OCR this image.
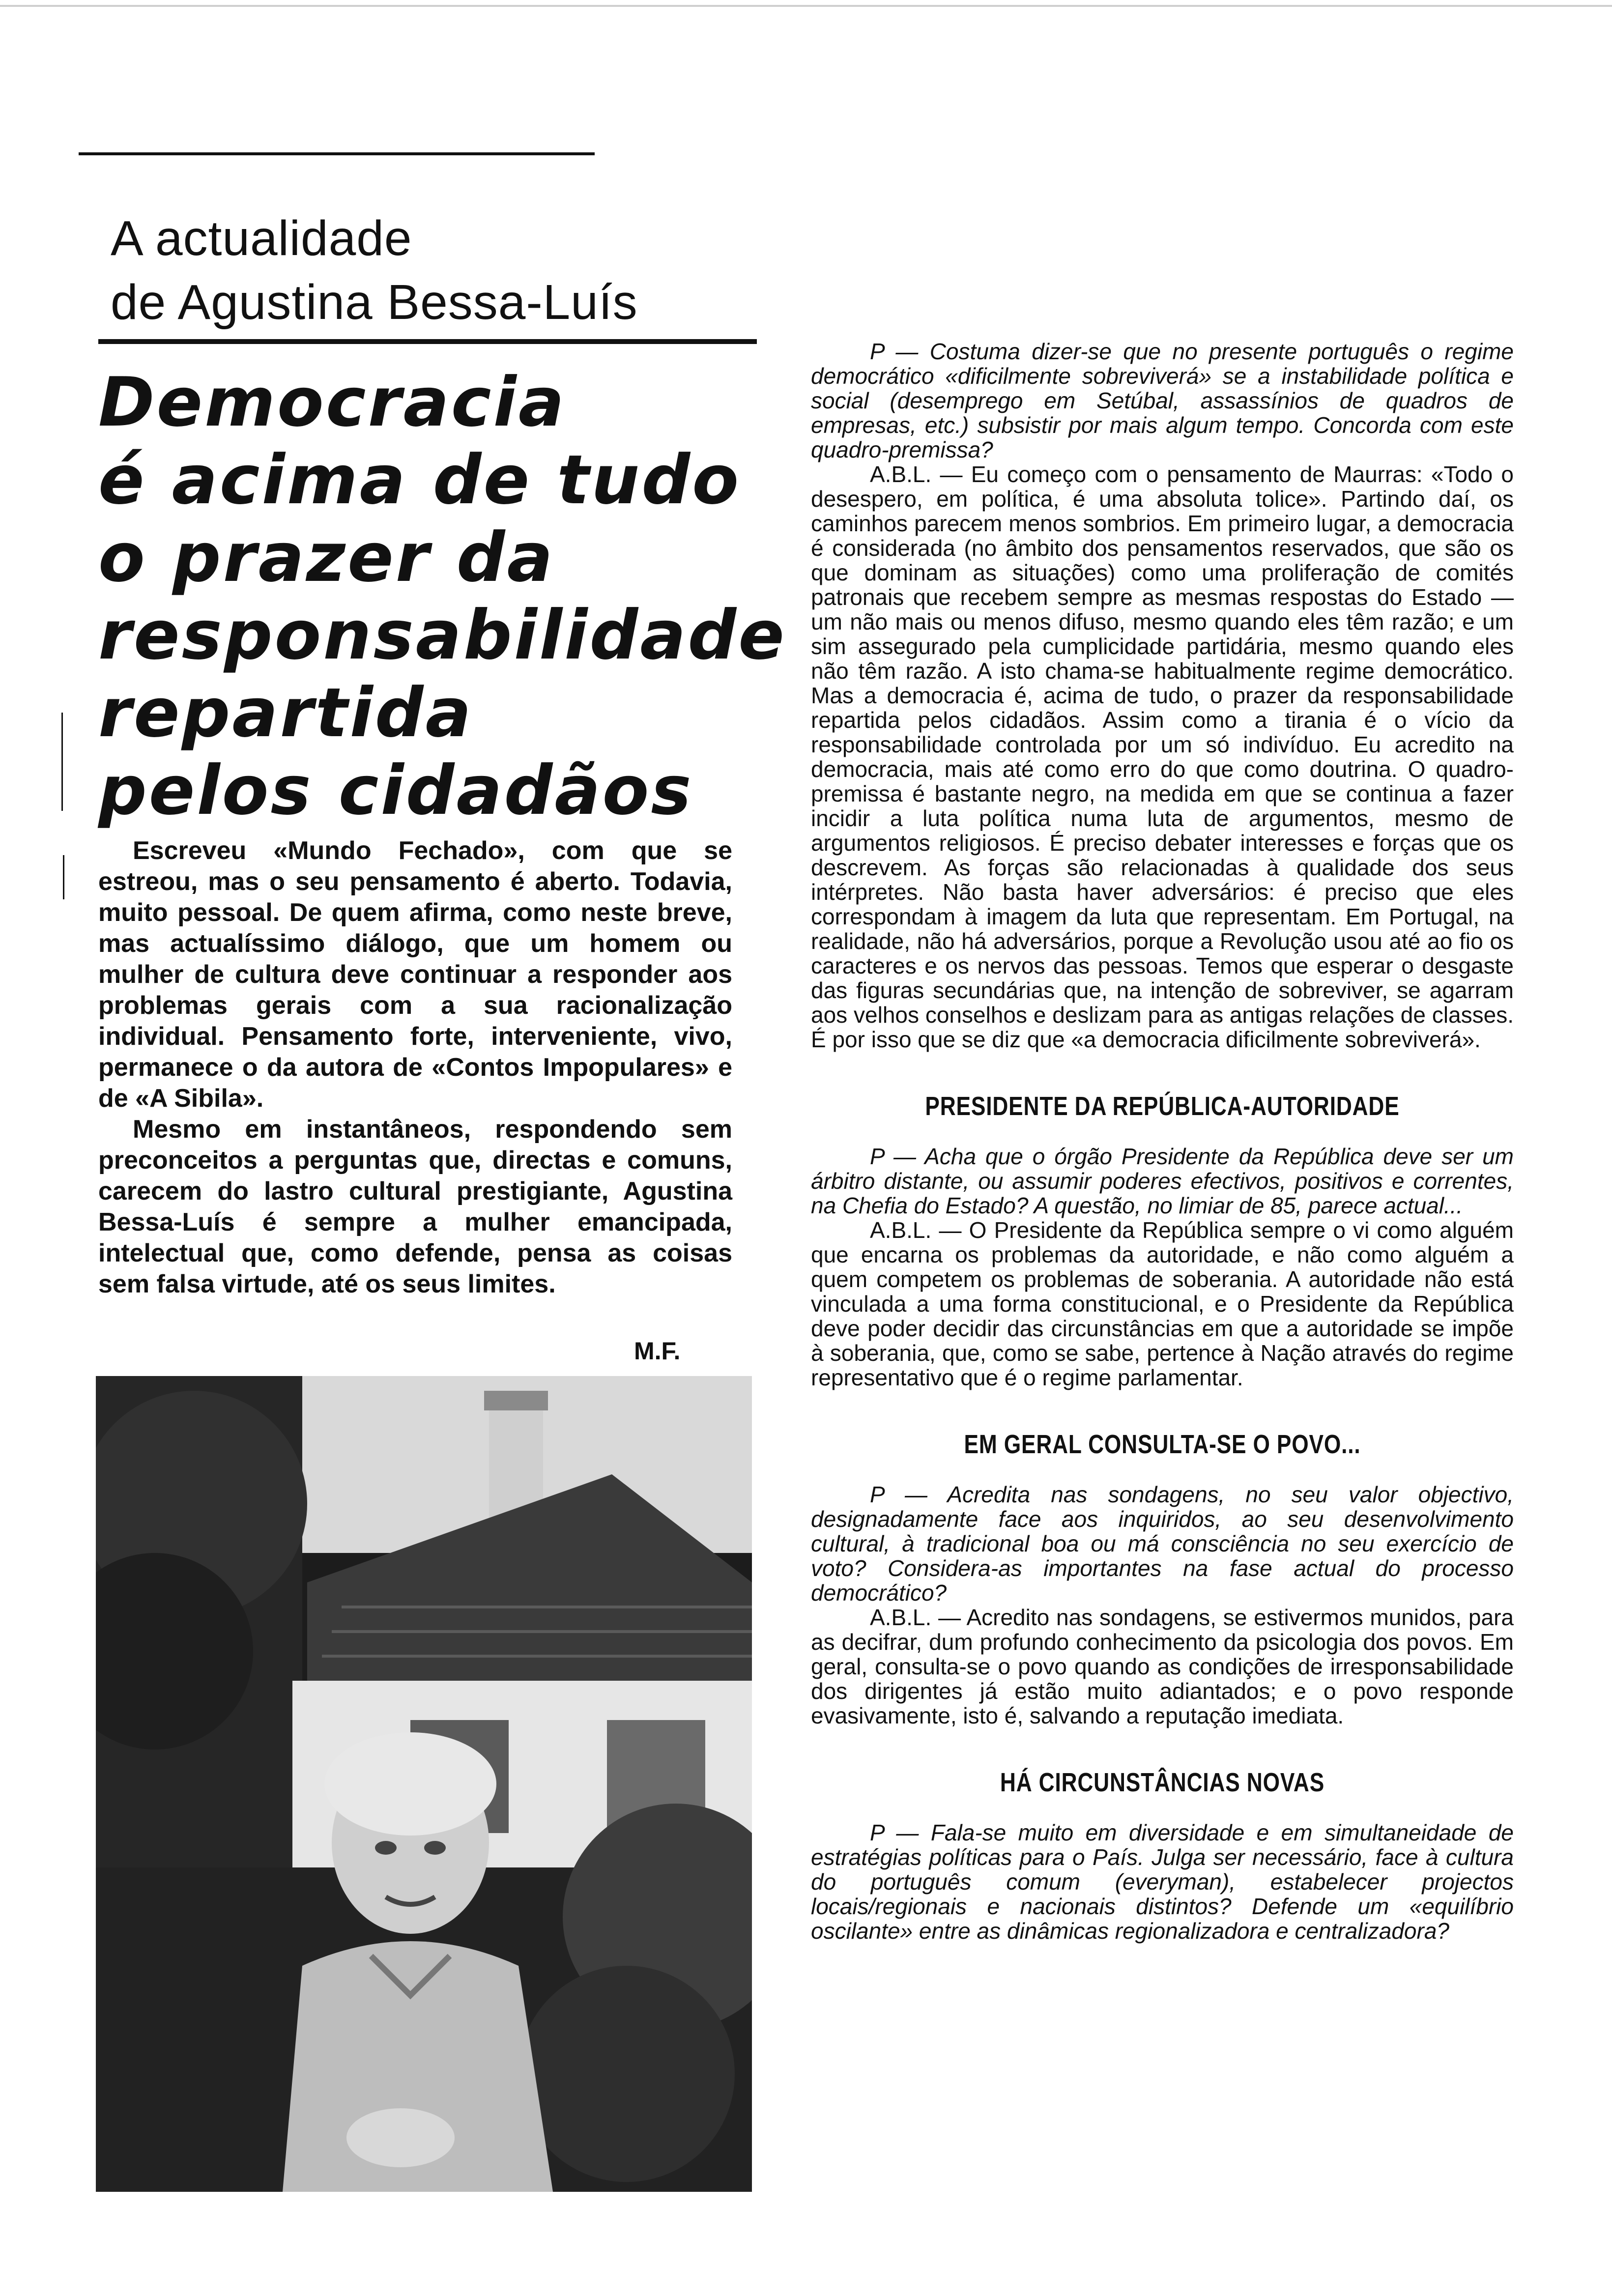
A actualidade
de Agustina Bessa-Luís
Democracia
é acima de tudo
o prazer da
responsabilidade
repartida
pelos cidadãos

Escreveu «Mundo Fechado», com que se estreou, mas o seu pensamento é aberto. Todavia, muito pessoal. De quem afirma, como neste breve, mas actualíssimo diálogo, que um homem ou mulher de cultura deve continuar a responder aos problemas gerais com a sua racionalização individual. Pensamento forte, interveniente, vivo, permanece o da autora de «Contos Impopulares» e de «A Sibila».

Mesmo em instantâneos, respondendo sem preconceitos a perguntas que, directas e comuns, carecem do lastro cultural prestigiante, Agustina Bessa-Luís é sempre a mulher emancipada, intelectual que, como defende, pensa as coisas sem falsa virtude, até os seus limites.

M.F.

P — Costuma dizer-se que no presente português o regime democrático «dificilmente sobreviverá» se a instabilidade política e social (desemprego em Setúbal, assassínios de quadros de empresas, etc.) subsistir por mais algum tempo. Concorda com este quadro-premissa?

A.B.L. — Eu começo com o pensamento de Maurras: «Todo o desespero, em política, é uma absoluta tolice». Partindo daí, os caminhos parecem menos sombrios. Em primeiro lugar, a democracia é considerada (no âmbito dos pensamentos reservados, que são os que dominam as situações) como uma proliferação de comités patronais que recebem sempre as mesmas respostas do Estado — um não mais ou menos difuso, mesmo quando eles têm razão; e um sim assegurado pela cumplicidade partidária, mesmo quando eles não têm razão. A isto chama-se habitualmente regime democrático. Mas a democracia é, acima de tudo, o prazer da responsabilidade repartida pelos cidadãos. Assim como a tirania é o vício da responsabilidade controlada por um só indivíduo. Eu acredito na democracia, mais até como erro do que como doutrina. O quadro-premissa é bastante negro, na medida em que se continua a fazer incidir a luta política numa luta de argumentos, mesmo de argumentos religiosos. É preciso debater interesses e forças que os descrevem. As forças são relacionadas à qualidade dos seus intérpretes. Não basta haver adversários: é preciso que eles correspondam à imagem da luta que representam. Em Portugal, na realidade, não há adversários, porque a Revolução usou até ao fio os caracteres e os nervos das pessoas. Temos que esperar o desgaste das figuras secundárias que, na intenção de sobreviver, se agarram aos velhos conselhos e deslizam para as antigas relações de classes. É por isso que se diz que «a democracia dificilmente sobreviverá».

PRESIDENTE DA REPÚBLICA-AUTORIDADE

P — Acha que o órgão Presidente da República deve ser um árbitro distante, ou assumir poderes efectivos, positivos e correntes, na Chefia do Estado? A questão, no limiar de 85, parece actual...

A.B.L. — O Presidente da República sempre o vi como alguém que encarna os problemas da autoridade, e não como alguém a quem competem os problemas de soberania. A autoridade não está vinculada a uma forma constitucional, e o Presidente da República deve poder decidir das circunstâncias em que a autoridade se impõe à soberania, que, como se sabe, pertence à Nação através do regime representativo que é o regime parlamentar.

EM GERAL CONSULTA-SE O POVO...

P — Acredita nas sondagens, no seu valor objectivo, designadamente face aos inquiridos, ao seu desenvolvimento cultural, à tradicional boa ou má consciência no seu exercício de voto? Considera-as importantes na fase actual do processo democrático?

A.B.L. — Acredito nas sondagens, se estivermos munidos, para as decifrar, dum profundo conhecimento da psicologia dos povos. Em geral, consulta-se o povo quando as condições de irresponsabilidade dos dirigentes já estão muito adiantados; e o povo responde evasivamente, isto é, salvando a reputação imediata.

HÁ CIRCUNSTÂNCIAS NOVAS

P — Fala-se muito em diversidade e em simultaneidade de estratégias políticas para o País. Julga ser necessário, face à cultura do português comum (everyman), estabelecer projectos locais/regionais e nacionais distintos? Defende um «equilíbrio oscilante» entre as dinâmicas regionalizadora e centralizadora?
